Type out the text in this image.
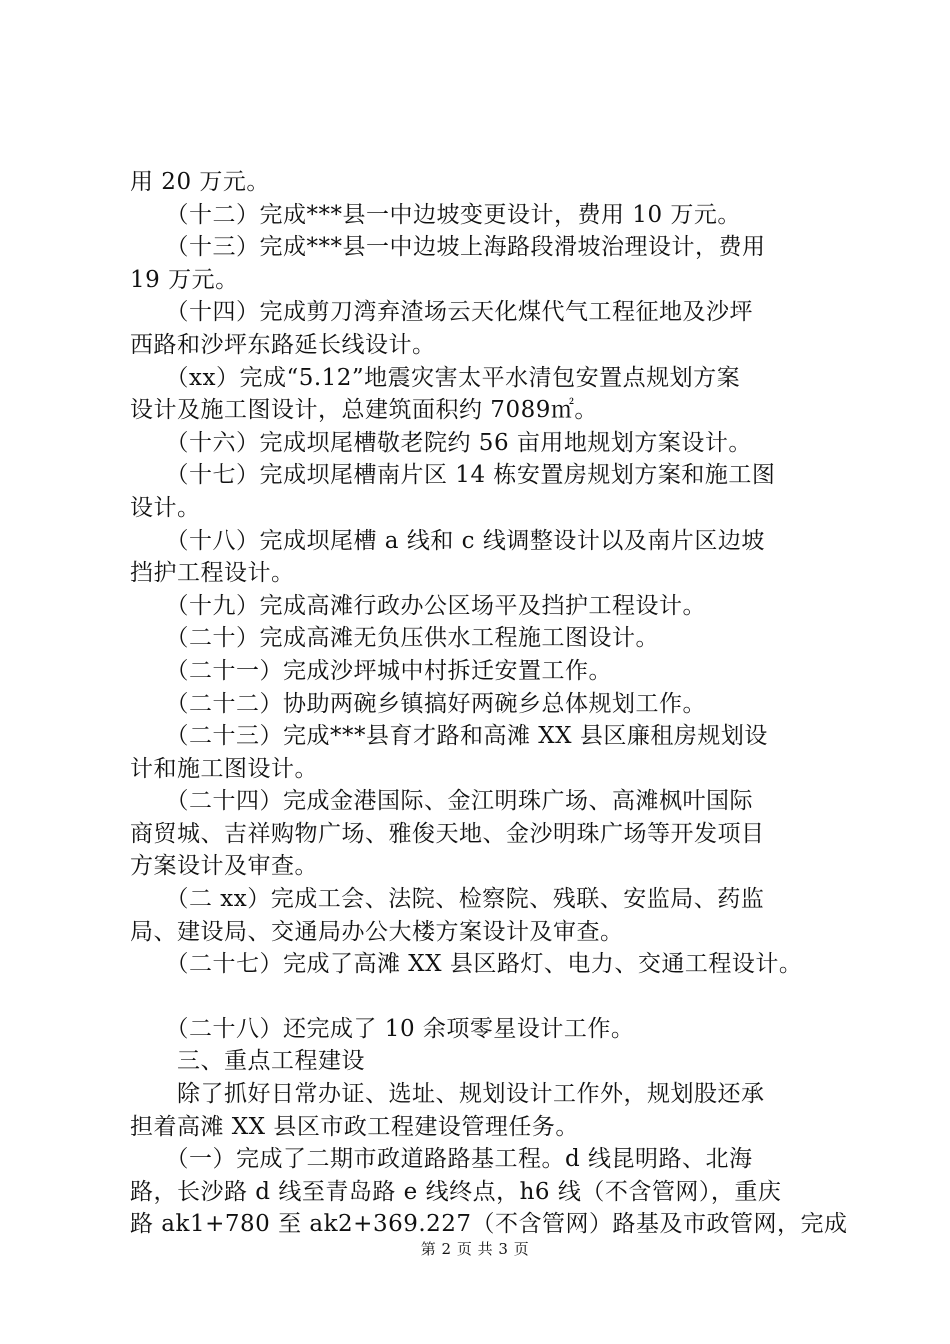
用 20 万元。
　　（十二）完成***县一中边坡变更设计，费用 10 万元。
　　（十三）完成***县一中边坡上海路段滑坡治理设计，费用
19 万元。
　　（十四）完成剪刀湾弃渣场云天化煤代气工程征地及沙坪
西路和沙坪东路延长线设计。
　　（xx）完成“5.12”地震灾害太平水清包安置点规划方案
设计及施工图设计，总建筑面积约 7089㎡。
　　（十六）完成坝尾槽敬老院约 56 亩用地规划方案设计。
　　（十七）完成坝尾槽南片区 14 栋安置房规划方案和施工图
设计。
　　（十八）完成坝尾槽 a 线和 c 线调整设计以及南片区边坡
挡护工程设计。
　　（十九）完成高滩行政办公区场平及挡护工程设计。
　　（二十）完成高滩无负压供水工程施工图设计。
　　（二十一）完成沙坪城中村拆迁安置工作。
　　（二十二）协助两碗乡镇搞好两碗乡总体规划工作。
　　（二十三）完成***县育才路和高滩 XX 县区廉租房规划设
计和施工图设计。
　　（二十四）完成金港国际、金江明珠广场、高滩枫叶国际
商贸城、吉祥购物广场、雅俊天地、金沙明珠广场等开发项目
方案设计及审查。
　　（二 xx）完成工会、法院、检察院、残联、安监局、药监
局、建设局、交通局办公大楼方案设计及审查。
　　（二十七）完成了高滩 XX 县区路灯、电力、交通工程设计。
　　（二十八）还完成了 10 余项零星设计工作。
　　三、重点工程建设
　　除了抓好日常办证、选址、规划设计工作外，规划股还承
担着高滩 XX 县区市政工程建设管理任务。
　　（一）完成了二期市政道路路基工程。d 线昆明路、北海
路，长沙路 d 线至青岛路 e 线终点，h6 线（不含管网），重庆
路 ak1+780 至 ak2+369.227（不含管网）路基及市政管网，完成
第 2 页 共 3 页
